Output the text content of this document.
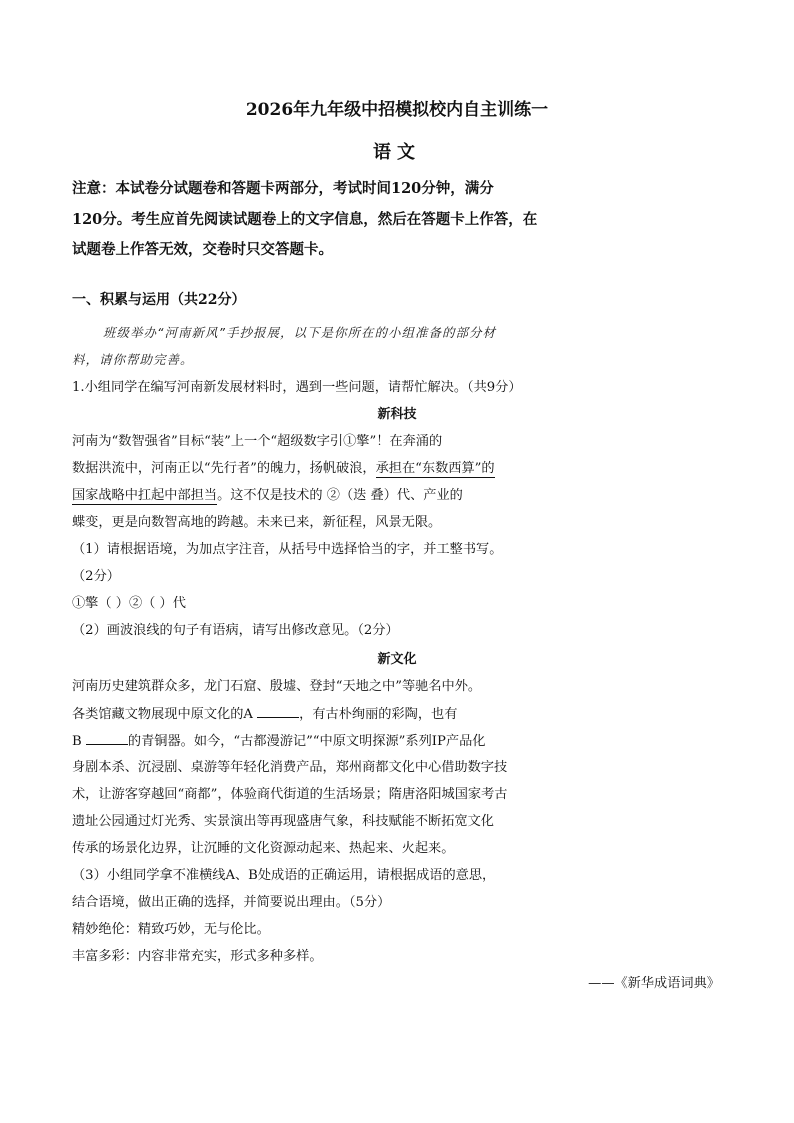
2026年九年级中招模拟校内自主训练一
语文
注意：本试卷分试题卷和答题卡两部分，考试时间120分钟，满分
120分。考生应首先阅读试题卷上的文字信息，然后在答题卡上作答，在
试题卷上作答无效，交卷时只交答题卡。
一、积累与运用（共22分）
班级举办“河南新风”手抄报展，以下是你所在的小组准备的部分材
料，请你帮助完善。
1.小组同学在编写河南新发展材料时，遇到一些问题，请帮忙解决。（共9分）
新科技
河南为“数智强省”目标“装”上一个“超级数字引①擎”！在奔涌的
数据洪流中，河南正以“先行者”的魄力，扬帆破浪，承担在“东数西算”的
国家战略中扛起中部担当。这不仅是技术的 ②（迭 叠）代、产业的
蝶变，更是向数智高地的跨越。未来已来，新征程，风景无限。
（1）请根据语境，为加点字注音，从括号中选择恰当的字，并工整书写。
（2分）
①擎（ ）②（ ）代
（2）画波浪线的句子有语病，请写出修改意见。（2分）
新文化
河南历史建筑群众多，龙门石窟、殷墟、登封“天地之中”等驰名中外。
各类馆藏文物展现中原文化的A	，有古朴绚丽的彩陶，也有
B	的青铜器。如今，“古都漫游记”“中原文明探源”系列IP产品化
身剧本杀、沉浸剧、桌游等年轻化消费产品，郑州商都文化中心借助数字技
术，让游客穿越回“商都”，体验商代街道的生活场景；隋唐洛阳城国家考古
遗址公园通过灯光秀、实景演出等再现盛唐气象，科技赋能不断拓宽文化
传承的场景化边界，让沉睡的文化资源动起来、热起来、火起来。
（3）小组同学拿不准横线A、B处成语的正确运用，请根据成语的意思，
结合语境，做出正确的选择，并简要说出理由。（5分）
精妙绝伦：精致巧妙，无与伦比。
丰富多彩：内容非常充实，形式多种多样。
——《新华成语词典》
